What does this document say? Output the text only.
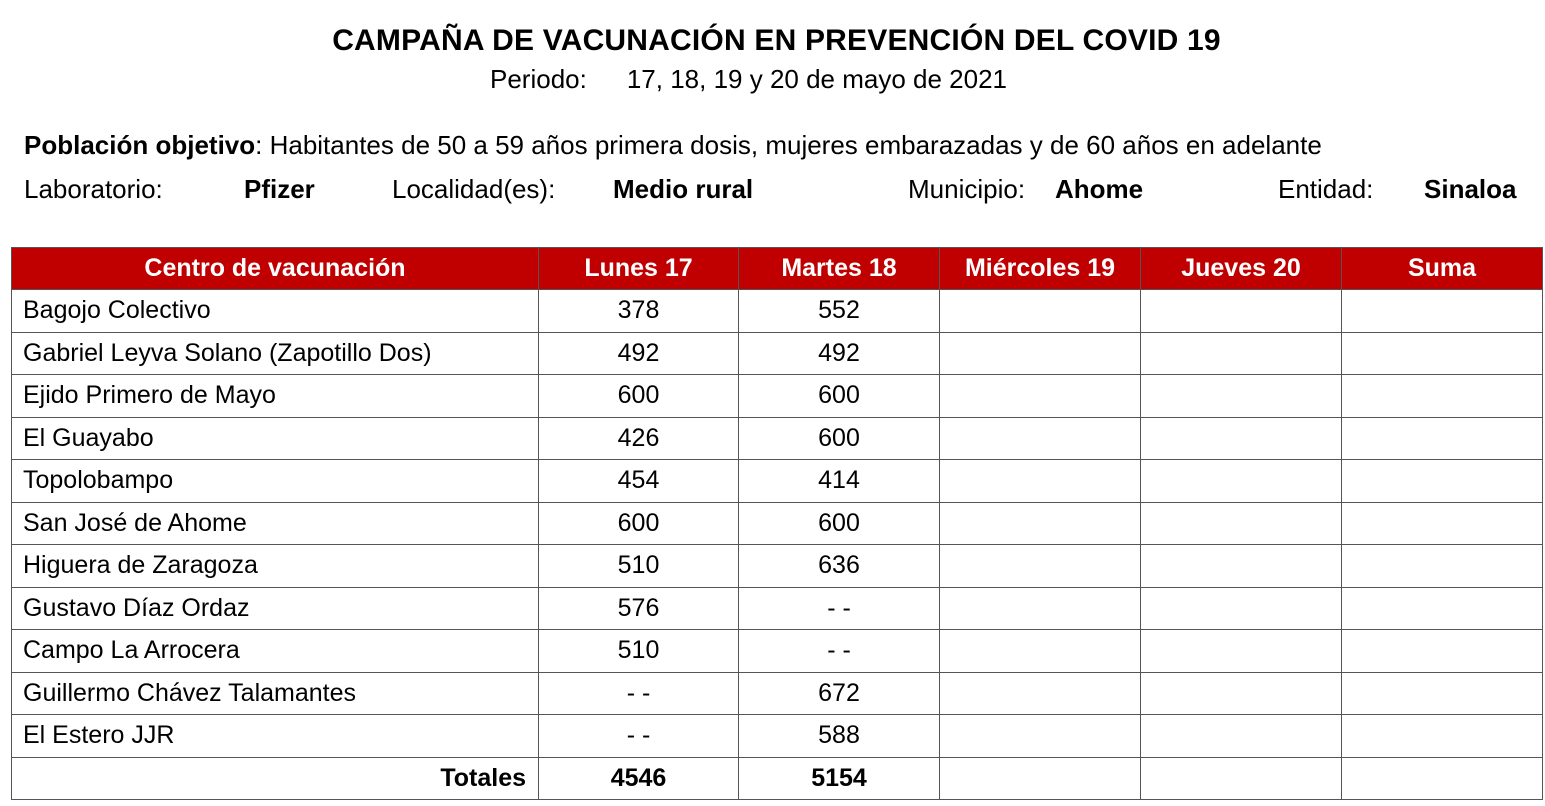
CAMPAÑA DE VACUNACIÓN EN PREVENCIÓN DEL COVID 19
Periodo: 17, 18, 19 y 20 de mayo de 2021
Población objetivo: Habitantes de 50 a 59 años primera dosis, mujeres embarazadas y de 60 años en adelante
Laboratorio:	Pfizer	Localidad(es): Medio rural	Municipio: Ahome	Entidad: Sinaloa
Centro de vacunación	Lunes 17	Martes 18	Miércoles 19	Jueves 20	Suma
Bagojo Colectivo	378	552			
Gabriel Leyva Solano (Zapotillo Dos)	492	492			
Ejido Primero de Mayo	600	600			
El Guayabo	426	600			
Topolobampo	454	414			
San José de Ahome	600	600			
Higuera de Zaragoza	510	636			
Gustavo Díaz Ordaz	576	- -			
Campo La Arrocera	510	- -			
Guillermo Chávez Talamantes	- -	672			
El Estero JJR	- -	588			
Totales	4546	5154			
